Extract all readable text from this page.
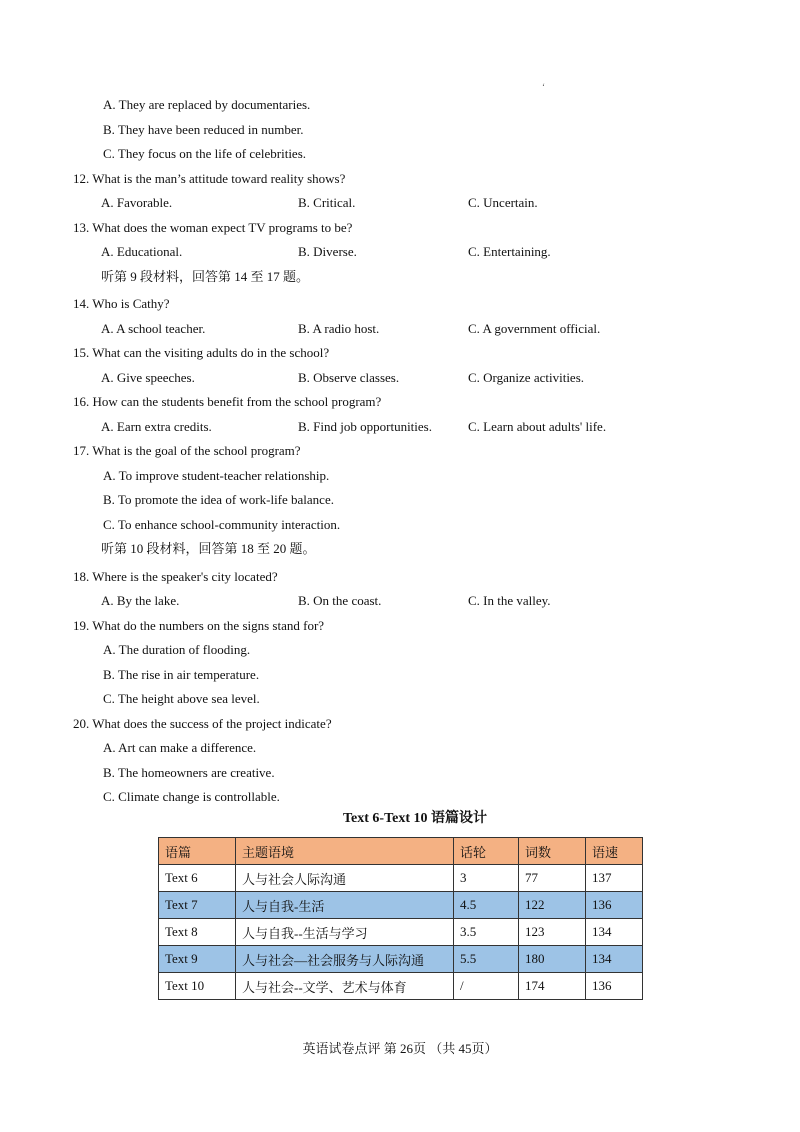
ʻ
A. They are replaced by documentaries.
B. They have been reduced in number.
C. They focus on the life of celebrities.
12. What is the man’s attitude toward reality shows?
A. Favorable.	B. Critical.	C. Uncertain.
13. What does the woman expect TV programs to be?
A. Educational.	B. Diverse.	C. Entertaining.
听第 9 段材料，回答第 14 至 17 题。
14. Who is Cathy?
A. A school teacher.	B. A radio host.	C. A government official.
15. What can the visiting adults do in the school?
A. Give speeches.	B. Observe classes.	C. Organize activities.
16. How can the students benefit from the school program?
A. Earn extra credits.	B. Find job opportunities.	C. Learn about adults' life.
17. What is the goal of the school program?
A. To improve student-teacher relationship.
B. To promote the idea of work-life balance.
C. To enhance school-community interaction.
听第 10 段材料，回答第 18 至 20 题。
18. Where is the speaker's city located?
A. By the lake.	B. On the coast.	C. In the valley.
19. What do the numbers on the signs stand for?
A. The duration of flooding.
B. The rise in air temperature.
C. The height above sea level.
20. What does the success of the project indicate?
A. Art can make a difference.
B. The homeowners are creative.
C. Climate change is controllable.
Text 6-Text 10 语篇设计
语篇	主题语境	话轮	词数	语速
Text 6	人与社会人际沟通	3	77	137
Text 7	人与自我-生活	4.5	122	136
Text 8	人与自我--生活与学习	3.5	123	134
Text 9	人与社会—社会服务与人际沟通	5.5	180	134
Text 10	人与社会--文学、艺术与体育	/	174	136
英语试卷点评 第 26页 （共 45页）
